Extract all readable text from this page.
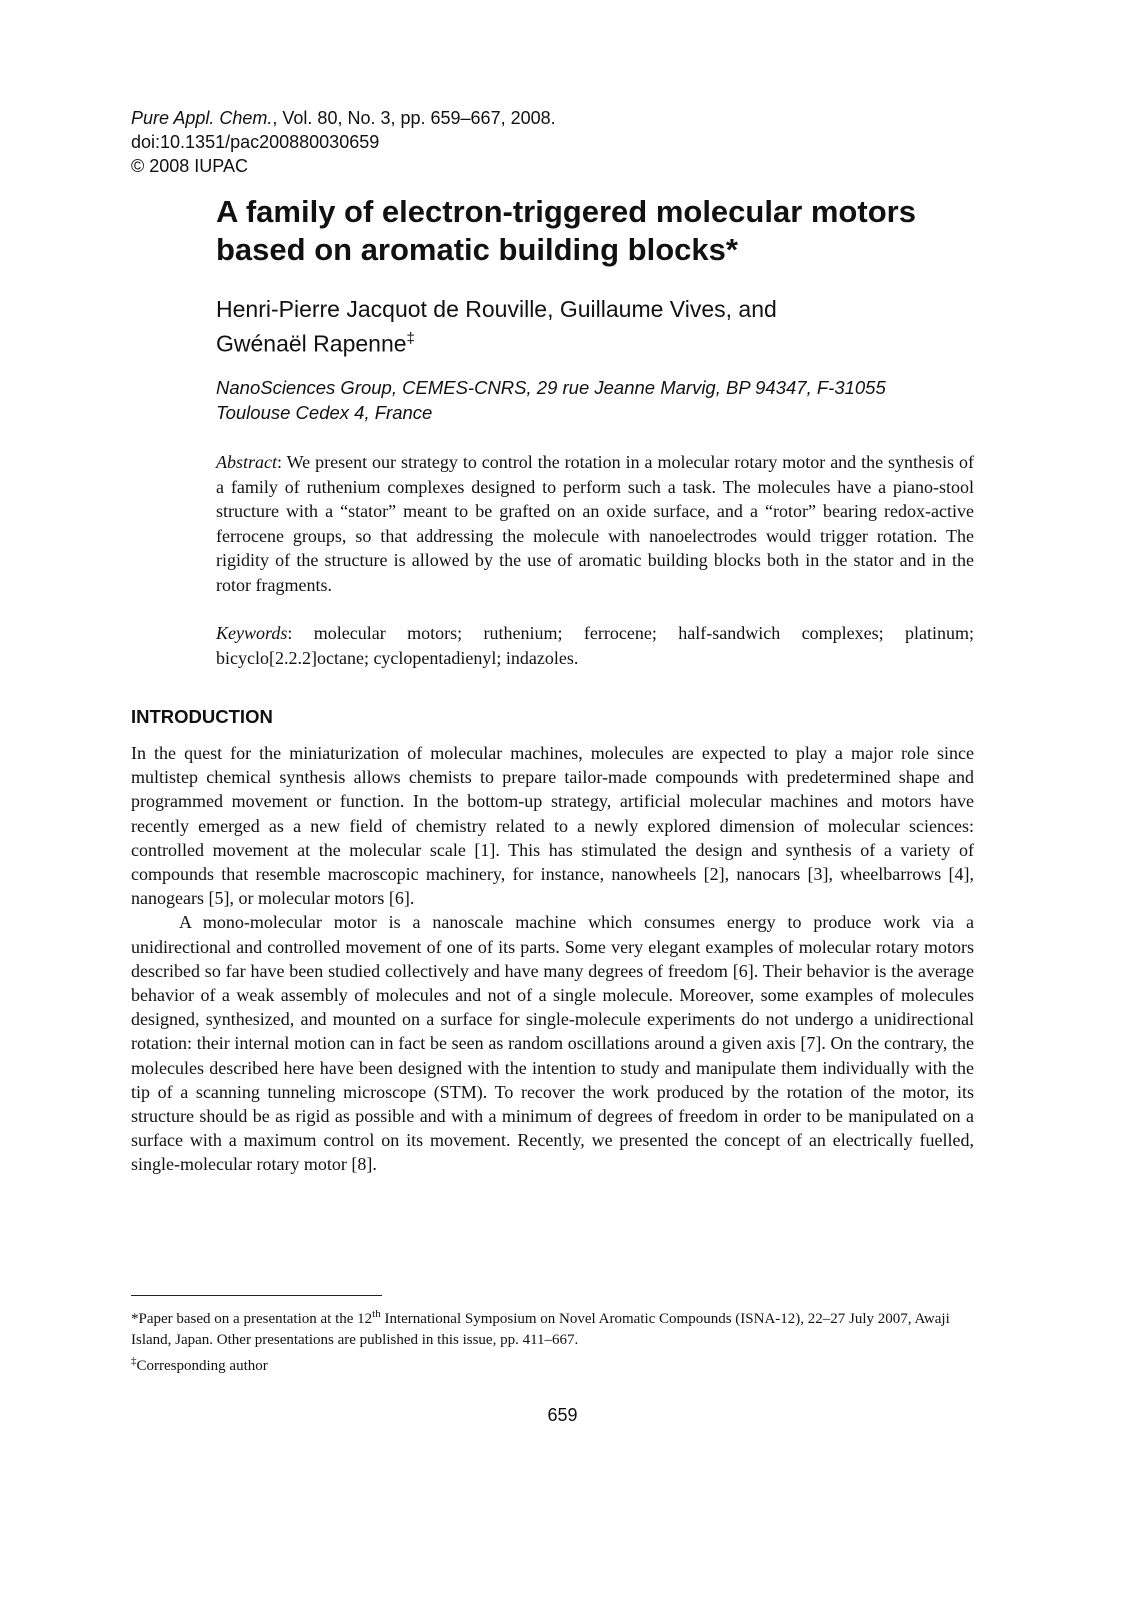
Pure Appl. Chem., Vol. 80, No. 3, pp. 659–667, 2008.
doi:10.1351/pac200880030659
© 2008 IUPAC
A family of electron-triggered molecular motors
based on aromatic building blocks*
Henri-Pierre Jacquot de Rouville, Guillaume Vives, and
Gwénaël Rapenne‡
NanoSciences Group, CEMES-CNRS, 29 rue Jeanne Marvig, BP 94347, F-31055
Toulouse Cedex 4, France
Abstract: We present our strategy to control the rotation in a molecular rotary motor and the synthesis of a family of ruthenium complexes designed to perform such a task. The molecules have a piano-stool structure with a “stator” meant to be grafted on an oxide surface, and a “rotor” bearing redox-active ferrocene groups, so that addressing the molecule with nanoelectrodes would trigger rotation. The rigidity of the structure is allowed by the use of aromatic building blocks both in the stator and in the rotor fragments.
Keywords: molecular motors; ruthenium; ferrocene; half-sandwich complexes; platinum; bicyclo[2.2.2]octane; cyclopentadienyl; indazoles.
INTRODUCTION

In the quest for the miniaturization of molecular machines, molecules are expected to play a major role since multistep chemical synthesis allows chemists to prepare tailor-made compounds with predetermined shape and programmed movement or function. In the bottom-up strategy, artificial molecular machines and motors have recently emerged as a new field of chemistry related to a newly explored dimension of molecular sciences: controlled movement at the molecular scale [1]. This has stimulated the design and synthesis of a variety of compounds that resemble macroscopic machinery, for instance, nanowheels [2], nanocars [3], wheelbarrows [4], nanogears [5], or molecular motors [6].

A mono-molecular motor is a nanoscale machine which consumes energy to produce work via a unidirectional and controlled movement of one of its parts. Some very elegant examples of molecular rotary motors described so far have been studied collectively and have many degrees of freedom [6]. Their behavior is the average behavior of a weak assembly of molecules and not of a single molecule. Moreover, some examples of molecules designed, synthesized, and mounted on a surface for single-molecule experiments do not undergo a unidirectional rotation: their internal motion can in fact be seen as random oscillations around a given axis [7]. On the contrary, the molecules described here have been designed with the intention to study and manipulate them individually with the tip of a scanning tunneling microscope (STM). To recover the work produced by the rotation of the motor, its structure should be as rigid as possible and with a minimum of degrees of freedom in order to be manipulated on a surface with a maximum control on its movement. Recently, we presented the concept of an electrically fuelled, single-molecular rotary motor [8].

*Paper based on a presentation at the 12th International Symposium on Novel Aromatic Compounds (ISNA-12), 22–27 July 2007, Awaji Island, Japan. Other presentations are published in this issue, pp. 411–667.

‡Corresponding author

659
